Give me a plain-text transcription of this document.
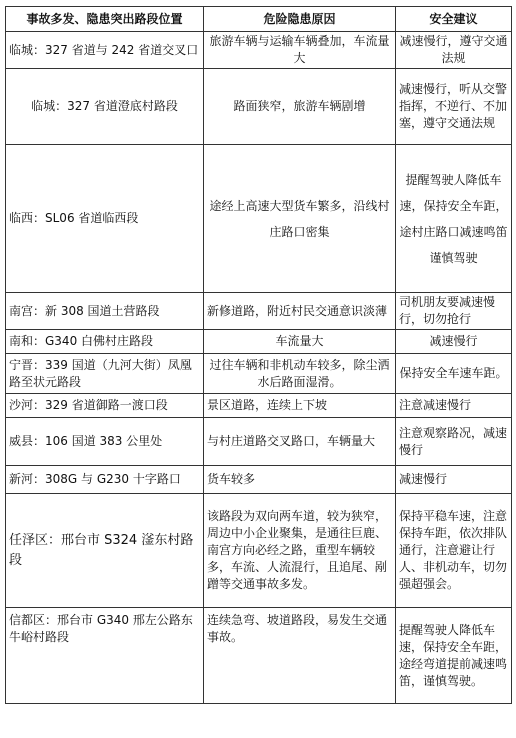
事故多发、隐患突出路段位置	危险隐患原因	安全建议
临城：327 省道与 242 省道交叉口	旅游车辆与运输车辆叠加，车流量大	减速慢行，遵守交通法规
临城：327 省道澄底村路段	路面狭窄，旅游车辆剧增	减速慢行，听从交警指挥，不逆行、不加塞，遵守交通法规
临西：SL06 省道临西段	途经上高速大型货车繁多，沿线村庄路口密集	提醒驾驶人降低车速，保持安全车距，途村庄路口减速鸣笛谨慎驾驶
南宫：新 308 国道土营路段	新修道路，附近村民交通意识淡薄	司机朋友要减速慢行，切勿抢行
南和：G340 白佛村庄路段	车流量大	减速慢行
宁晋：339 国道（九河大街）凤凰路至状元路段	过往车辆和非机动车较多，除尘洒水后路面湿滑。	保持安全车速车距。
沙河：329 省道御路一渡口段	景区道路，连续上下坡	注意减速慢行
威县：106 国道 383 公里处	与村庄道路交叉路口，车辆量大	注意观察路况，减速慢行
新河：308G 与 G230 十字路口	货车较多	减速慢行
任泽区：邢台市 S324 滏东村路段	该路段为双向两车道，较为狭窄，周边中小企业聚集，是通往巨鹿、南宫方向必经之路，重型车辆较多，车流、人流混行，且追尾、剐蹭等交通事故多发。	保持平稳车速，注意保持车距，依次排队通行，注意避让行人、非机动车，切勿强超强会。
信都区：邢台市 G340 邢左公路东牛峪村路段	连续急弯、坡道路段，易发生交通事故。	提醒驾驶人降低车速，保持安全车距，途经弯道提前减速鸣笛，谨慎驾驶。
